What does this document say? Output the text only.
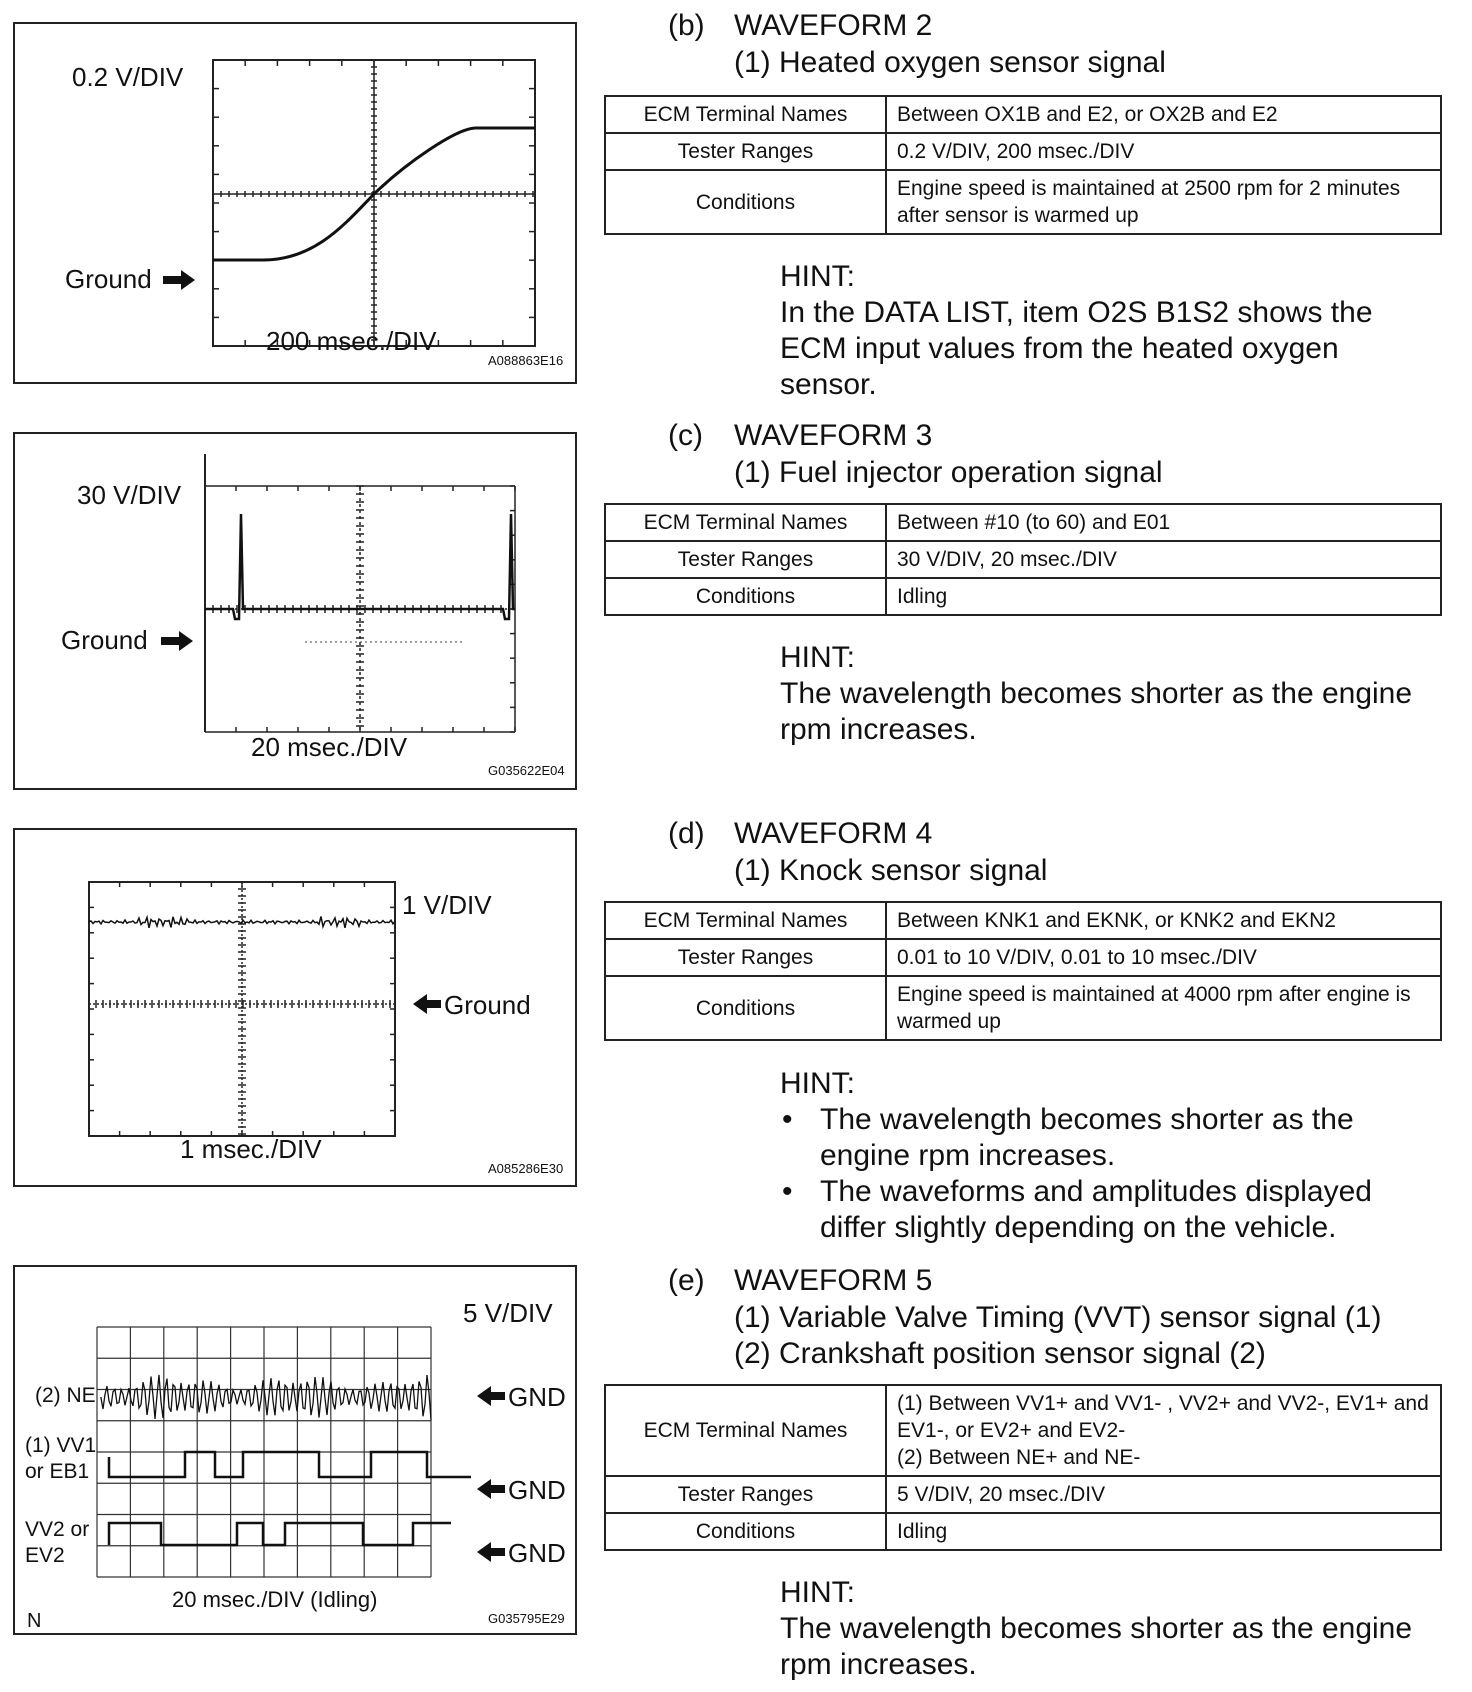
0.2 V/DIV
Ground
200 msec./DIV
A088863E16
30 V/DIV
Ground
20 msec./DIV
G035622E04
1 V/DIV
Ground
1 msec./DIV
A085286E30
5 V/DIV
(2) NE
(1) VV1
or EB1
VV2 or
EV2
GND
GND
GND
20 msec./DIV (Idling)
N	G035795E29
(b) WAVEFORM 2
(1) Heated oxygen sensor signal
ECM Terminal Names	Between OX1B and E2, or OX2B and E2
Tester Ranges	0.2 V/DIV, 200 msec./DIV
Conditions	Engine speed is maintained at 2500 rpm for 2 minutes after sensor is warmed up
HINT:
In the DATA LIST, item O2S B1S2 shows the ECM input values from the heated oxygen sensor.
(c) WAVEFORM 3
(1) Fuel injector operation signal
ECM Terminal Names	Between #10 (to 60) and E01
Tester Ranges	30 V/DIV, 20 msec./DIV
Conditions	Idling
HINT:
The wavelength becomes shorter as the engine rpm increases.
(d) WAVEFORM 4
(1) Knock sensor signal
ECM Terminal Names	Between KNK1 and EKNK, or KNK2 and EKN2
Tester Ranges	0.01 to 10 V/DIV, 0.01 to 10 msec./DIV
Conditions	Engine speed is maintained at 4000 rpm after engine is warmed up
HINT:
• The wavelength becomes shorter as the engine rpm increases.
• The waveforms and amplitudes displayed differ slightly depending on the vehicle.
(e) WAVEFORM 5
(1) Variable Valve Timing (VVT) sensor signal (1)
(2) Crankshaft position sensor signal (2)
ECM Terminal Names	(1) Between VV1+ and VV1- , VV2+ and VV2-, EV1+ and EV1-, or EV2+ and EV2-
(2) Between NE+ and NE-
Tester Ranges	5 V/DIV, 20 msec./DIV
Conditions	Idling
HINT:
The wavelength becomes shorter as the engine rpm increases.
